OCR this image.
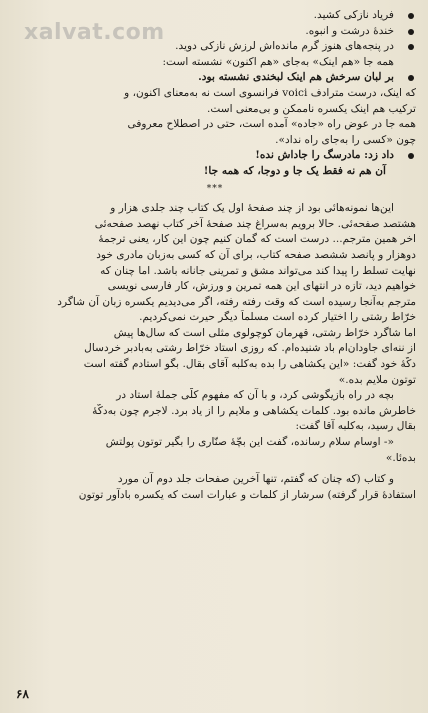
xalvat.com
فریاد نازکی کشید.
خندهٔ درشت و انبوه.
در پنجه‌های هنوز گرم مانده‌اش لرزش نازکی دوید.
همه جا «هم اینک» به‌جای «هم اکنون» نشسته است:
بر لبان سرخش هم اینک لبخندی نشسته بود.
که اینک، درست مترادف voici فرانسوی است نه به‌معنای اکنون، و
ترکیب هم اینک یکسره ناممکن و بی‌معنی است.
همه جا در عوض راه «جاده» آمده است، حتی در اصطلاح معروفی
چون «کسی را به‌جای راه نداد».
داد زد: مادرسگ را جاداش نده!
آن هم نه فقط یک جا و دوجا، که همه جا!
***
این‌ها نمونه‌هائی بود از چند صفحهٔ اول یک کتاب چند جلدی هزار و
هشتصد صفحه‌ئی. حالا برویم به‌سراغ چند صفحهٔ آخر کتاب نهصد صفحه‌ئی
اخر همین مترجم... درست است که گمان کنیم چون این کار، یعنی ترجمهٔ
دوهزار و پانصد ششصد صفحه کتاب، برای آن که کسی به‌زبان مادری خود
نهایت تسلط را پیدا کند می‌تواند مشق و تمرینی جانانه باشد. اما چنان که
خواهیم دید، تازه در انتهای این همه تمرین و ورزش، کار فارسی نویسی
مترجم به‌آنجا رسیده است که وقت رفته رفته، اگر می‌دیدیم یکسره زبان آن شاگرد
خرّاط رشتی را اختیار کرده است مسلماً دیگر حیرت نمی‌کردیم.
اما شاگرد خرّاط رشتی، قهرمان کوچولوی مثلی است که سال‌ها پیش
از ننه‌ای جاودان‌ام باد شنیده‌ام. که روزی استاد خرّاط رشتی به‌بادبر خردسال
دکّهٔ خود گفت: «این یکشاهی را بده به‌کلبه آقای بقال. بگو استادم گفته است
توتون ملایم بده.»
بچه در راه بازیگوشی کرد، و با آن که مفهوم کلّی جملهٔ استاد در
خاطرش مانده بود. کلمات یکشاهی و ملایم را از یاد برد. لاجرم چون به‌دکّهٔ
بقال رسید، به‌کلبه آقا گفت:
«- اوسام سلام رسانده، گفت این بچّهٔ صنّاری را بگیر توتون پولتش
بده‌ئا.»
و کتاب (که چنان که گفتم، تنها آخرین صفحات جلد دوم آن مورد
استفادهٔ قرار گرفته) سرشار از کلمات و عبارات است که یکسره باد‌آور توتون
۶۸
